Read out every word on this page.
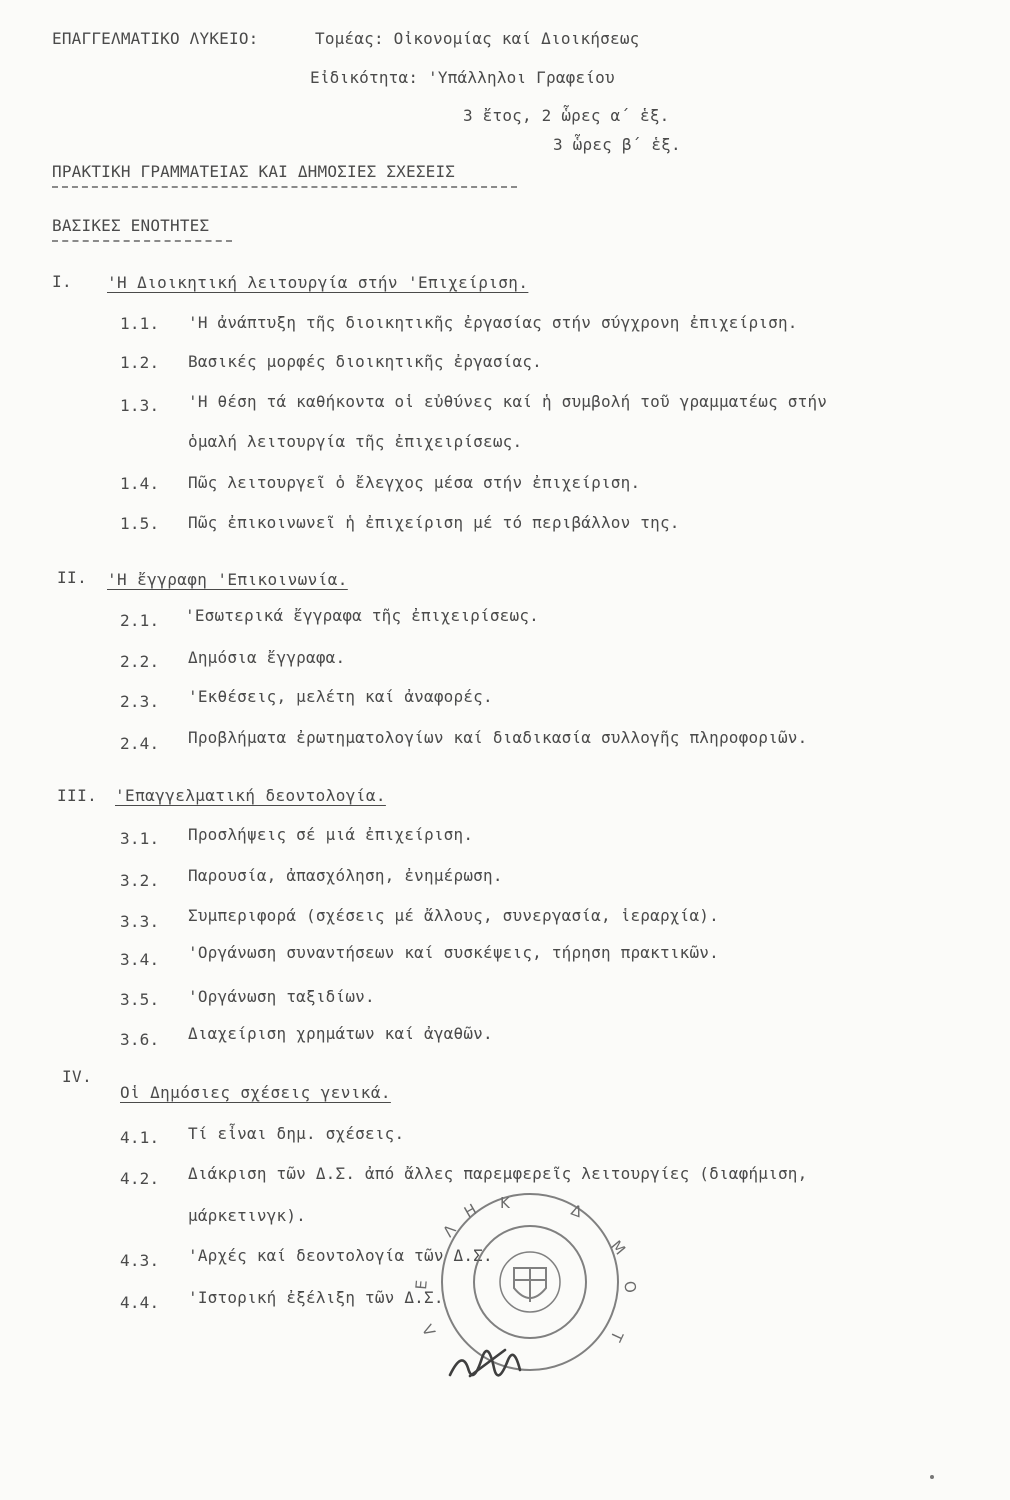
ΕΠΑΓΓΕΛΜΑΤΙΚΟ ΛΥΚΕΙΟ:	Τομέας: Οἰκονομίας καί Διοικήσεως
Εἰδικότητα: 'Υπάλληλοι Γραφείου
3 ἔτος, 2 ὧρες α΄ ἑξ.
3 ὧρες β΄ ἑξ.
ΠΡΑΚΤΙΚΗ ΓΡΑΜΜΑΤΕΙΑΣ ΚΑΙ ΔΗΜΟΣΙΕΣ ΣΧΕΣΕΙΣ
ΒΑΣΙΚΕΣ ΕΝΟΤΗΤΕΣ
I. 'Η Διοικητική λειτουργία στήν 'Επιχείριση.
1.1. 'Η ἀνάπτυξη τῆς διοικητικῆς ἐργασίας στήν σύγχρονη ἐπιχείριση.
1.2. Βασικές μορφές διοικητικῆς ἐργασίας.
1.3. 'Η θέση τά καθήκοντα οἱ εὐθύνες καί ἡ συμβολή τοῦ γραμματέως στήν
ὁμαλή λειτουργία τῆς ἐπιχειρίσεως.
1.4. Πῶς λειτουργεῖ ὁ ἔλεγχος μέσα στήν ἐπιχείριση.
1.5. Πῶς ἐπικοινωνεῖ ἡ ἐπιχείριση μέ τό περιβάλλον της.
II. 'Η ἔγγραφη 'Επικοινωνία.
2.1. 'Εσωτερικά ἔγγραφα τῆς ἐπιχειρίσεως.
2.2. Δημόσια ἔγγραφα.
2.3. 'Εκθέσεις, μελέτη καί ἀναφορές.
2.4. Προβλήματα ἐρωτηματολογίων καί διαδικασία συλλογῆς πληροφοριῶν.
III. 'Επαγγελματική δεοντολογία.
3.1. Προσλήψεις σέ μιά ἐπιχείριση.
3.2. Παρουσία, ἀπασχόληση, ἐνημέρωση.
3.3. Συμπεριφορά (σχέσεις μέ ἄλλους, συνεργασία, ἱεραρχία).
3.4. 'Οργάνωση συναντήσεων καί συσκέψεις, τήρηση πρακτικῶν.
3.5. 'Οργάνωση ταξιδίων.
3.6. Διαχείριση χρημάτων καί ἀγαθῶν.
IV.
Οἱ Δημόσιες σχέσεις γενικά.
4.1. Τί εἶναι δημ. σχέσεις.
4.2. Διάκριση τῶν Δ.Σ. ἀπό ἄλλες παρεμφερεῖς λειτουργίες (διαφήμιση,
μάρκετινγκ).
4.3. 'Αρχές καί δεοντολογία τῶν Δ.Σ.
4.4. 'Ιστορική ἐξέλιξη τῶν Δ.Σ.
Λ
Η Κ	Δ
Μ
Ο
Τ
Ε
Λ
